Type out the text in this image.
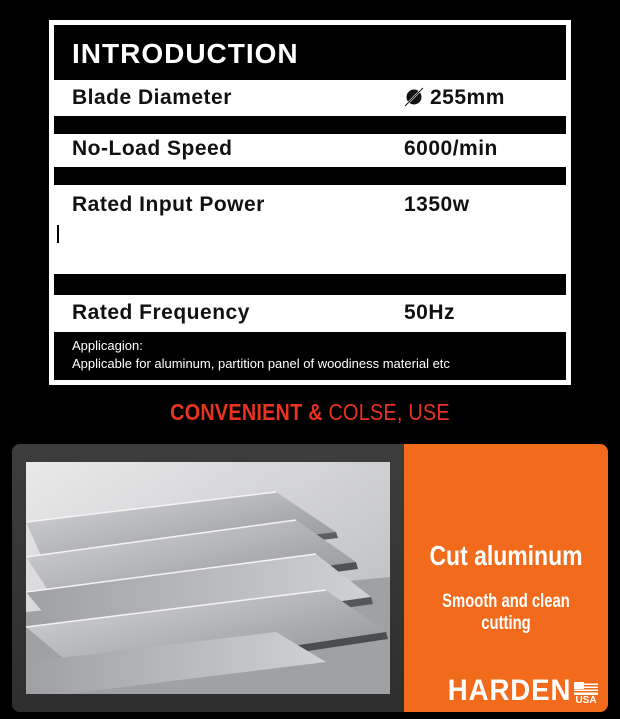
INTRODUCTION
Blade Diameter	255mm
No-Load Speed	6000/min
Rated Input Power	1350w
Rated Frequency	50Hz
Applicagion:
Applicable for aluminum, partition panel of woodiness material etc
CONVENIENT & COLSE, USE
Cut aluminum
Smooth and clean cutting
HARDEN USA
